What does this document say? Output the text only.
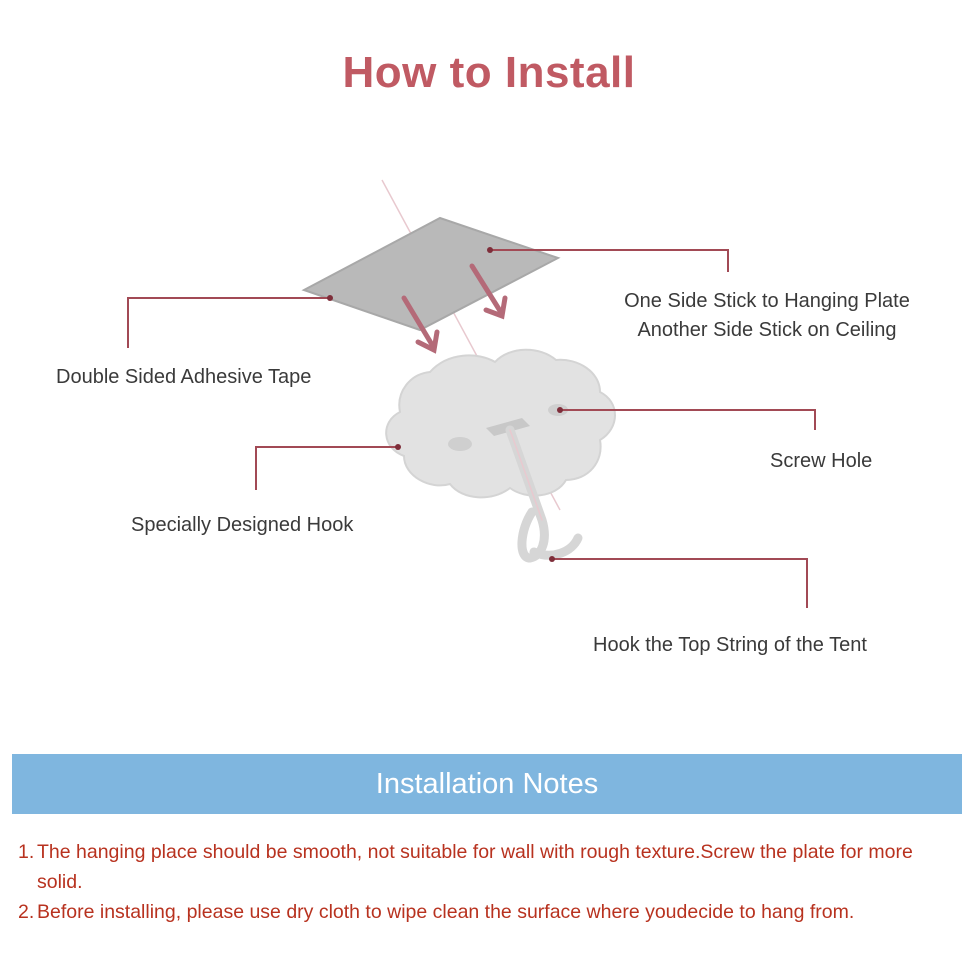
How to Install
Double Sided Adhesive Tape
One Side Stick to Hanging Plate
Another Side Stick on Ceiling
Screw Hole
Specially Designed Hook
Hook the Top String of the Tent
Installation Notes
1. The hanging place should be smooth, not suitable for wall with rough texture.Screw the plate for more solid.
2. Before installing, please use dry cloth to wipe clean the surface where youdecide to hang from.
